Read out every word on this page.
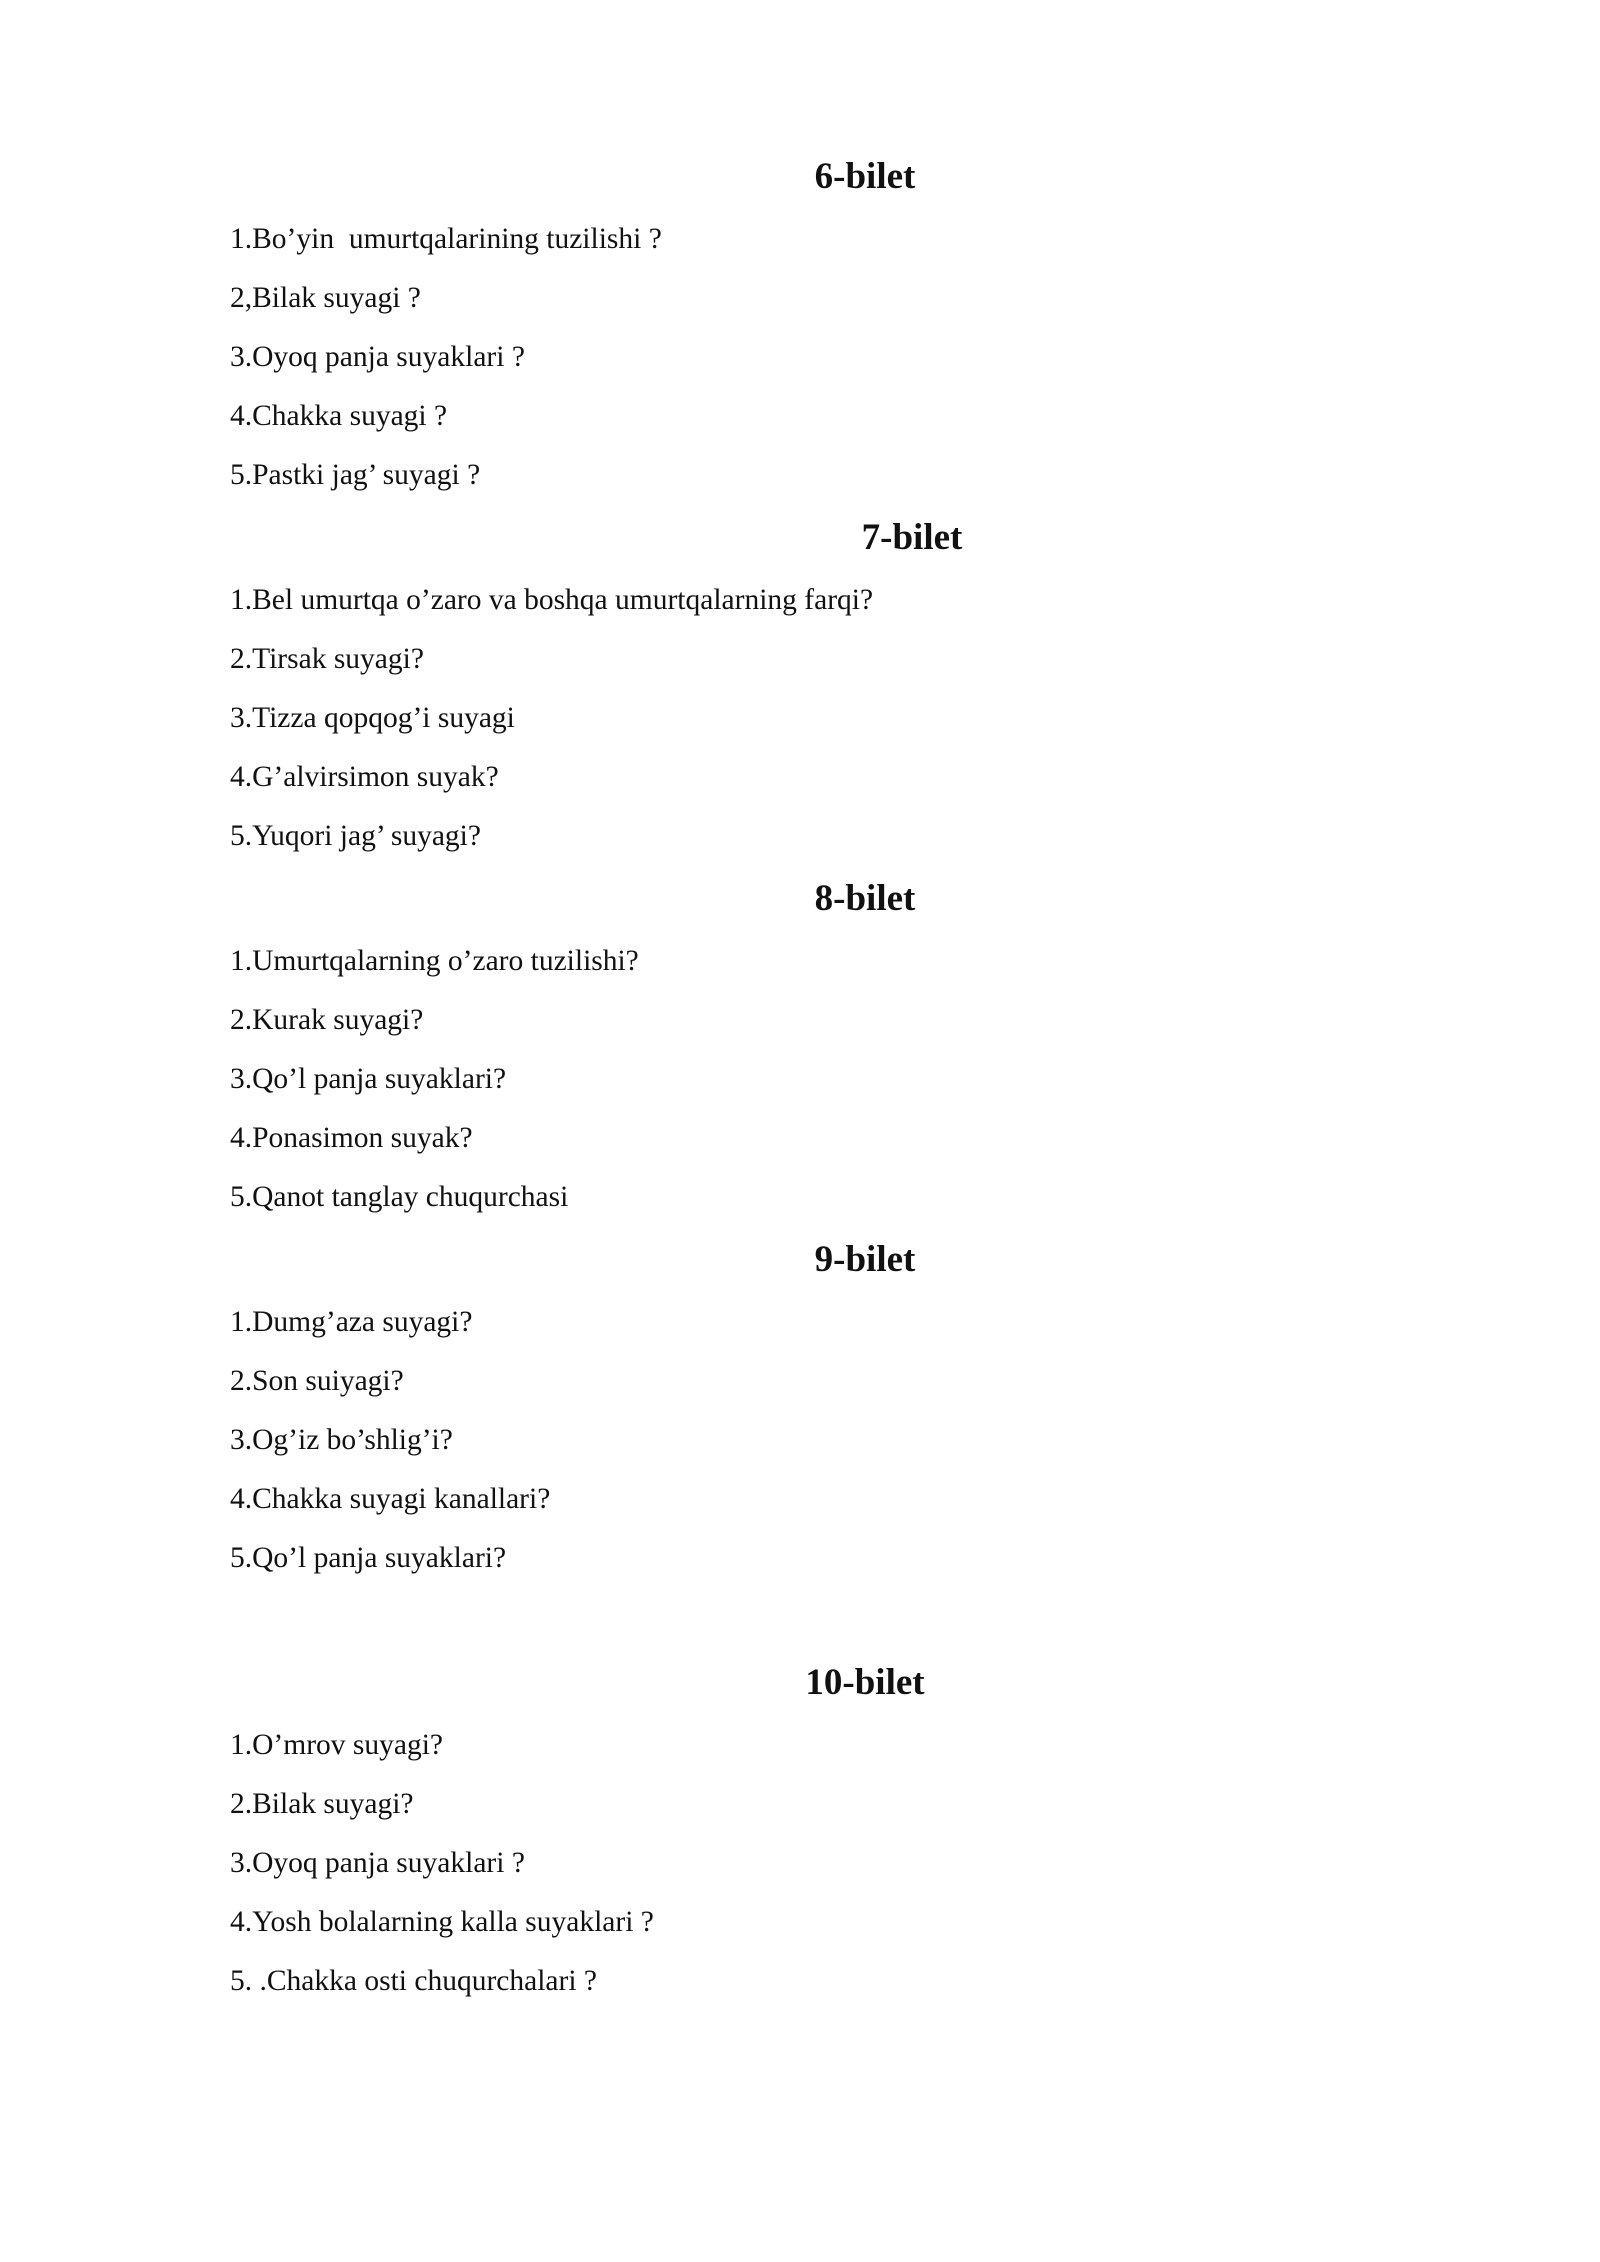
6-bilet

1.Bo’yin  umurtqalarining tuzilishi ?

2,Bilak suyagi ?

3.Oyoq panja suyaklari ?

4.Chakka suyagi ?

5.Pastki jag’ suyagi ?

7-bilet

1.Bel umurtqa o’zaro va boshqa umurtqalarning farqi?

2.Tirsak suyagi?

3.Tizza qopqog’i suyagi

4.G’alvirsimon suyak?

5.Yuqori jag’ suyagi?

8-bilet

1.Umurtqalarning o’zaro tuzilishi?

2.Kurak suyagi?

3.Qo’l panja suyaklari?

4.Ponasimon suyak?

5.Qanot tanglay chuqurchasi

9-bilet

1.Dumg’aza suyagi?

2.Son suiyagi?

3.Og’iz bo’shlig’i?

4.Chakka suyagi kanallari?

5.Qo’l panja suyaklari?

10-bilet

1.O’mrov suyagi?

2.Bilak suyagi?

3.Oyoq panja suyaklari ?

4.Yosh bolalarning kalla suyaklari ?

5. .Chakka osti chuqurchalari ?
